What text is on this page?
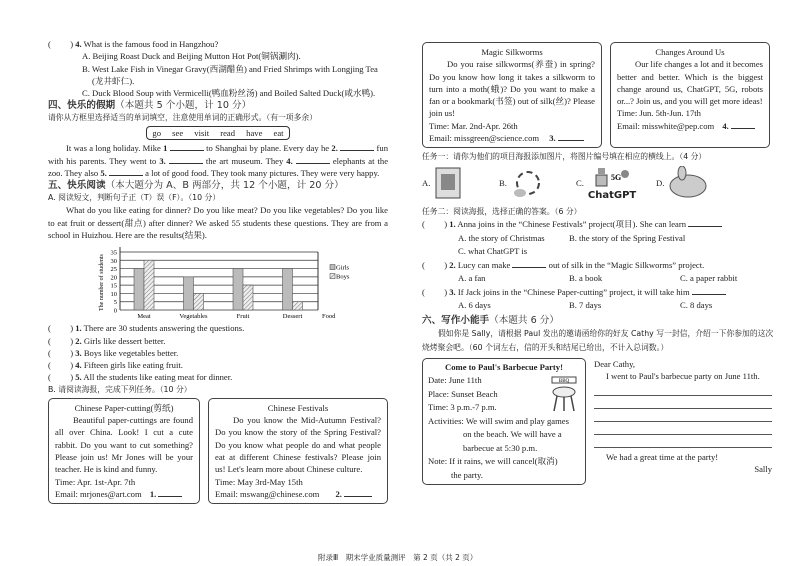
(　　 ) 4. What is the famous food in Hangzhou?
A. Beijing Roast Duck and Beijing Mutton Hot Pot(铜锅涮肉).
B. West Lake Fish in Vinegar Gravy(西湖醋鱼) and Fried Shrimps with Longjing Tea
(龙井虾仁).
C. Duck Blood Soup with Vermicelli(鸭血粉丝汤) and Boiled Salted Duck(咸水鸭).
四、快乐的假期（本题共 5 个小题，计 10 分）
请你从方框里选择适当的单词填空，注意使用单词的正确形式。（有一项多余）
go see visit read have eat
It was a long holiday. Mike 1	to Shanghai by plane. Every day he 2.	fun with his parents. They went to 3.	the art museum. They 4.	elephants at the zoo. They also 5.	a lot of good food. They took many pictures. They were very happy.
五、快乐阅读（本大题分为 A、B 两部分，共 12 个小题，计 20 分）
A. 阅读短文，判断句子正（T）误（F）。（10 分）
What do you like eating for dinner? Do you like meat? Do you like vegetables? Do you like to eat fruit or dessert(甜点) after dinner? We asked 55 students these questions. They are from a school in Huizhou. Here are the results(结果).
0
5
10
15
20
25
30
35
The number of students
Meat	Vegetables	Fruit	Dessert	Food
Girls
Boys
(　　 ) 1. There are 30 students answering the questions.
(　　 ) 2. Girls like dessert better.
(　　 ) 3. Boys like vegetables better.
(　　 ) 4. Fifteen girls like eating fruit.
(　　 ) 5. All the students like eating meat for dinner.
B. 请阅读海报，完成下列任务。（10 分）
Chinese Paper-cutting(剪纸)
Beautiful paper-cuttings are found all over China. Look! I cut a cute rabbit. Do you want to cut something? Please join us! Mr Jones will be your teacher. He is kind and funny.
Time: Apr. 1st-Apr. 7th
Email: mrjones@art.com 1.
Chinese Festivals
Do you know the Mid-Autumn Festival? Do you know the story of the Spring Festival? Do you know what people do and what people eat at different Chinese festivals? Please join us! Let's learn more about Chinese culture.
Time: May 3rd-May 15th
Email: mswang@chinese.com 2.
Magic Silkworms
Do you raise silkworms(养蚕) in spring? Do you know how long it takes a silkworm to turn into a moth(蛾)? Do you want to make a fan or a bookmark(书签) out of silk(丝)? Please join us!
Time: Mar. 2nd-Apr. 26th
Email: missgreen@science.com 3.
Changes Around Us
Our life changes a lot and it becomes better and better. Which is the biggest change around us, ChatGPT, 5G, robots or...? Join us, and you will get more ideas!
Time: Jun. 5th-Jun. 17th
Email: misswhite@pep.com 4.
任务一：请你为他们的项目海报添加图片，将图片编号填在相应的横线上。（4 分）
A.	B.	C.
5G
ChatGPT
D.
任务二：阅读海报，选择正确的答案。（6 分）
(　　 ) 1. Anna joins in the “Chinese Festivals” project(项目). She can learn
A. the story of Christmas	B. the story of the Spring Festival
C. what ChatGPT is
(　　 ) 2. Lucy can make	out of silk in the “Magic Silkworms” project.
A. a fan	B. a book	C. a paper rabbit
(　　 ) 3. If Jack joins in the “Chinese Paper-cutting” project, it will take him
A. 6 days	B. 7 days	C. 8 days
六、写作小能手（本题共 6 分）
假如你是 Sally，请根据 Paul 发出的邀请函给你的好友 Cathy 写一封信，介绍一下你参加的这次烧烤聚会吧。（60 个词左右，信的开头和结尾已给出，不计入总词数。）
Come to Paul's Barbecue Party!
Date: June 11th
Place: Sunset Beach
Time: 3 p.m.-7 p.m.
Activities: We will swim and play games
on the beach. We will have a
barbecue at 5:30 p.m.
Note: If it rains, we will cancel(取消)
the party.
BBQ
Dear Cathy,
I went to Paul's barbecue party on June 11th.
We had a great time at the party!
Sally
附录Ⅲ　期末学业质量测评　 第 2 页（共 2 页）
